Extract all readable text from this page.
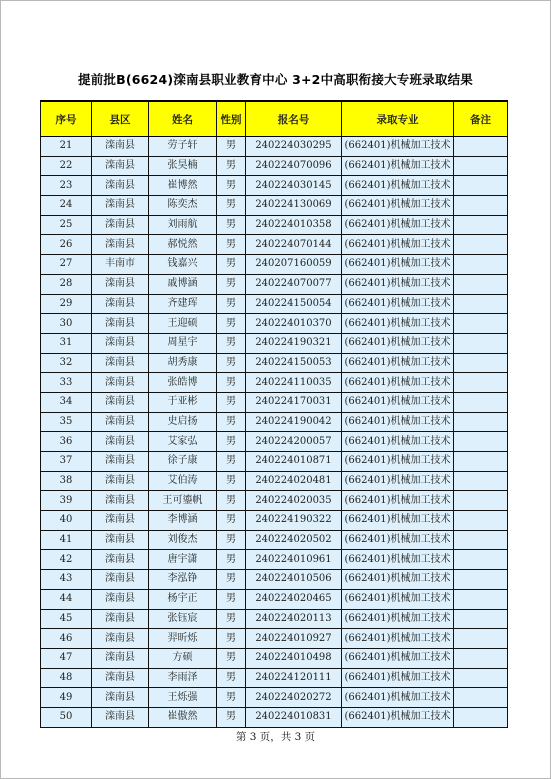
提前批B(6624)滦南县职业教育中心 3+2中高职衔接大专班录取结果
序号	县区	姓名	性别	报名号	录取专业	备注
21	滦南县	劳子轩	男	240224030295	(662401)机械加工技术	
22	滦南县	张昊楠	男	240224070096	(662401)机械加工技术	
23	滦南县	崔博然	男	240224030145	(662401)机械加工技术	
24	滦南县	陈奕杰	男	240224130069	(662401)机械加工技术	
25	滦南县	刘雨航	男	240224010358	(662401)机械加工技术	
26	滦南县	郝悦然	男	240224070144	(662401)机械加工技术	
27	丰南市	钱嘉兴	男	240207160059	(662401)机械加工技术	
28	滦南县	戚博涵	男	240224070077	(662401)机械加工技术	
29	滦南县	齐建珲	男	240224150054	(662401)机械加工技术	
30	滦南县	王迎硕	男	240224010370	(662401)机械加工技术	
31	滦南县	周星宇	男	240224190321	(662401)机械加工技术	
32	滦南县	胡秀康	男	240224150053	(662401)机械加工技术	
33	滦南县	张皓博	男	240224110035	(662401)机械加工技术	
34	滦南县	于亚彬	男	240224170031	(662401)机械加工技术	
35	滦南县	史启扬	男	240224190042	(662401)机械加工技术	
36	滦南县	艾家弘	男	240224200057	(662401)机械加工技术	
37	滦南县	徐子康	男	240224010871	(662401)机械加工技术	
38	滦南县	艾伯涛	男	240224020481	(662401)机械加工技术	
39	滦南县	王可鎏帆	男	240224020035	(662401)机械加工技术	
40	滦南县	李博涵	男	240224190322	(662401)机械加工技术	
41	滦南县	刘俊杰	男	240224020502	(662401)机械加工技术	
42	滦南县	唐宇潇	男	240224010961	(662401)机械加工技术	
43	滦南县	李泓铮	男	240224010506	(662401)机械加工技术	
44	滦南县	杨宇正	男	240224020465	(662401)机械加工技术	
45	滦南县	张钰宸	男	240224020113	(662401)机械加工技术	
46	滦南县	羿昕烁	男	240224010927	(662401)机械加工技术	
47	滦南县	方硕	男	240224010498	(662401)机械加工技术	
48	滦南县	李雨泽	男	240224120111	(662401)机械加工技术	
49	滦南县	王烁强	男	240224020272	(662401)机械加工技术	
50	滦南县	崔傲然	男	240224010831	(662401)机械加工技术	
第 3 页，共 3 页
